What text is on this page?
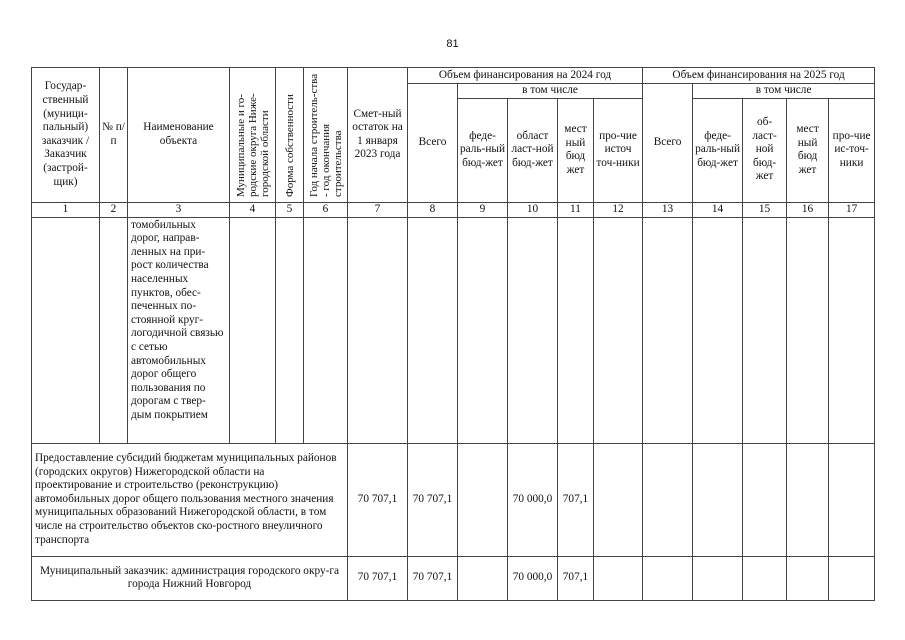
81
Государ-ственный (муници-пальный) заказчик / Заказчик (застрой-щик)	№ п/ п	Наименование объекта	Муниципальные и го-родские округа Ниже-городской области	Форма собственности	Год начала строитель-ства - год окончания строительства	Смет-ный остаток на 1 января 2023 года	Объем финансирования на 2024 год					Объем финансирования на 2025 год				
							Всего	в том числе				Всего	в том числе			
								феде-раль-ный бюд-жет	област ласт-ной бюд-жет	мест ный бюд жет	про-чие источ точ-ники		феде-раль-ный бюд-жет	об-ласт-ной бюд-жет	мест ный бюд жет	про-чие ис-точ-ники
1	2	3	4	5	6	7	8	9	10	11	12	13	14	15	16	17
		томобильных дорог, направ-ленных на при-рост количества населенных пунктов, обес-печенных по-стоянной круг-логодичной связью с сетью автомобильных дорог общего пользования по дорогам с твер-дым покрытием														
Предоставление субсидий бюджетам муниципальных районов (городских округов) Нижегородской области на проектирование и строительство (реконструкцию) автомобильных дорог общего пользования местного значения муниципальных образований Нижегородской области, в том числе на строительство объектов ско-ростного внеуличного транспорта						70 707,1	70 707,1		70 000,0	707,1						
Муниципальный заказчик: администрация городского окру-га города Нижний Новгород						70 707,1	70 707,1		70 000,0	707,1						
